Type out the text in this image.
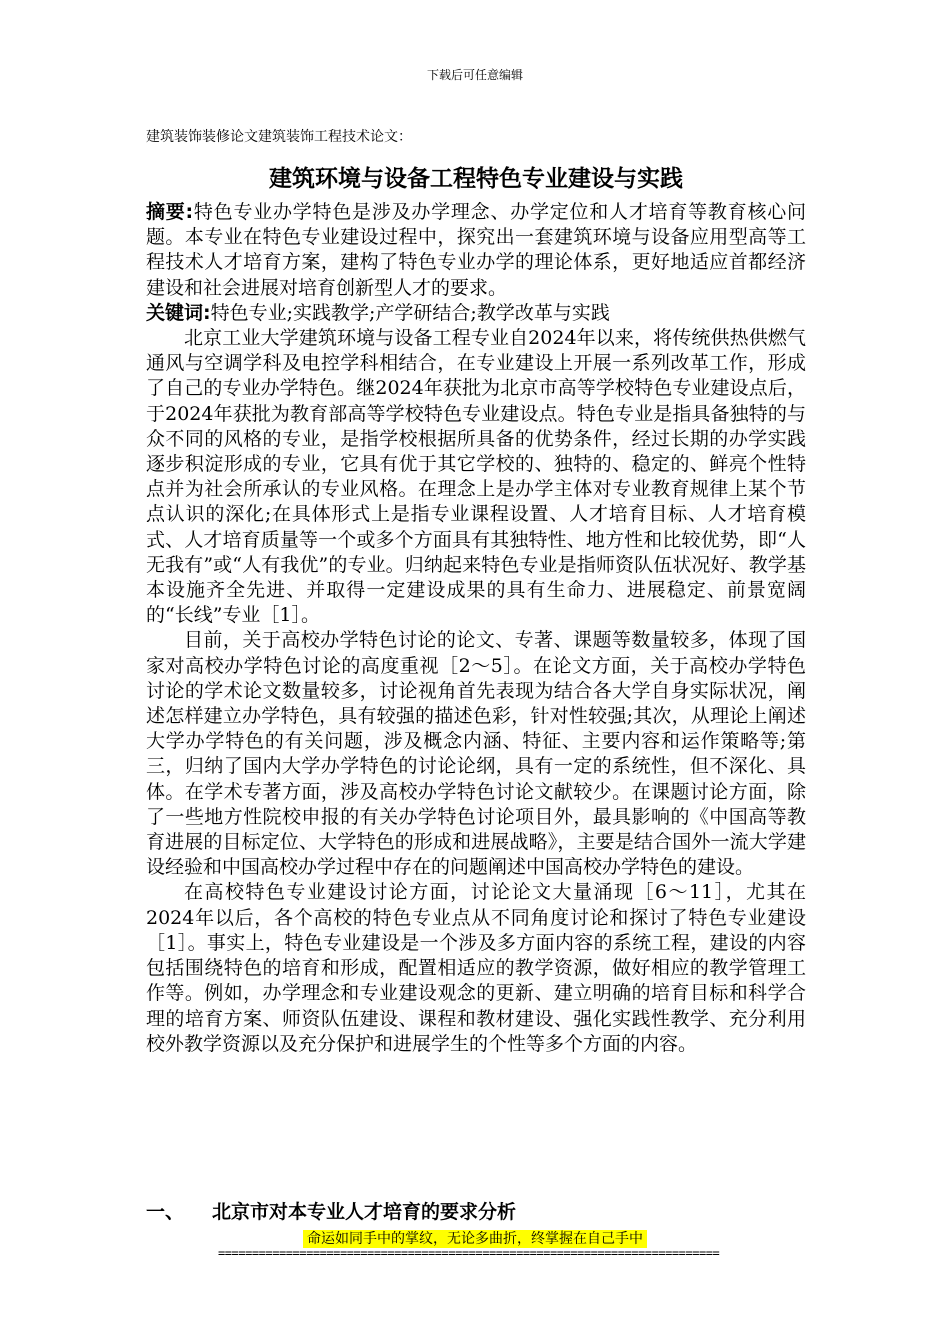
下载后可任意编辑
建筑装饰装修论文建筑装饰工程技术论文：
建筑环境与设备工程特色专业建设与实践

摘要:特色专业办学特色是涉及办学理念、办学定位和人才培育等教育核心问题。本专业在特色专业建设过程中，探究出一套建筑环境与设备应用型高等工程技术人才培育方案，建构了特色专业办学的理论体系，更好地适应首都经济建设和社会进展对培育创新型人才的要求。

关键词:特色专业;实践教学;产学研结合;教学改革与实践

北京工业大学建筑环境与设备工程专业自2024年以来，将传统供热供燃气通风与空调学科及电控学科相结合，在专业建设上开展一系列改革工作，形成了自己的专业办学特色。继2024年获批为北京市高等学校特色专业建设点后，于2024年获批为教育部高等学校特色专业建设点。特色专业是指具备独特的与众不同的风格的专业，是指学校根据所具备的优势条件，经过长期的办学实践逐步积淀形成的专业，它具有优于其它学校的、独特的、稳定的、鲜亮个性特点并为社会所承认的专业风格。在理念上是办学主体对专业教育规律上某个节点认识的深化;在具体形式上是指专业课程设置、人才培育目标、人才培育模式、人才培育质量等一个或多个方面具有其独特性、地方性和比较优势，即“人无我有”或“人有我优”的专业。归纳起来特色专业是指师资队伍状况好、教学基本设施齐全先进、并取得一定建设成果的具有生命力、进展稳定、前景宽阔的“长线”专业［1］。

目前，关于高校办学特色讨论的论文、专著、课题等数量较多，体现了国家对高校办学特色讨论的高度重视［2～5］。在论文方面，关于高校办学特色讨论的学术论文数量较多，讨论视角首先表现为结合各大学自身实际状况，阐述怎样建立办学特色，具有较强的描述色彩，针对性较强;其次，从理论上阐述大学办学特色的有关问题，涉及概念内涵、特征、主要内容和运作策略等;第三，归纳了国内大学办学特色的讨论论纲，具有一定的系统性，但不深化、具体。在学术专著方面，涉及高校办学特色讨论文献较少。在课题讨论方面，除了一些地方性院校申报的有关办学特色讨论项目外，最具影响的《中国高等教育进展的目标定位、大学特色的形成和进展战略》，主要是结合国外一流大学建设经验和中国高校办学过程中存在的问题阐述中国高校办学特色的建设。

在高校特色专业建设讨论方面，讨论论文大量涌现［6～11］，尤其在2024年以后，各个高校的特色专业点从不同角度讨论和探讨了特色专业建设［1］。事实上，特色专业建设是一个涉及多方面内容的系统工程，建设的内容包括围绕特色的培育和形成，配置相适应的教学资源，做好相应的教学管理工作等。例如，办学理念和专业建设观念的更新、建立明确的培育目标和科学合理的培育方案、师资队伍建设、课程和教材建设、强化实践性教学、充分利用校外教学资源以及充分保护和进展学生的个性等多个方面的内容。

一、 北京市对本专业人才培育的要求分析
命运如同手中的掌纹，无论多曲折，终掌握在自己手中
==========================================================================
